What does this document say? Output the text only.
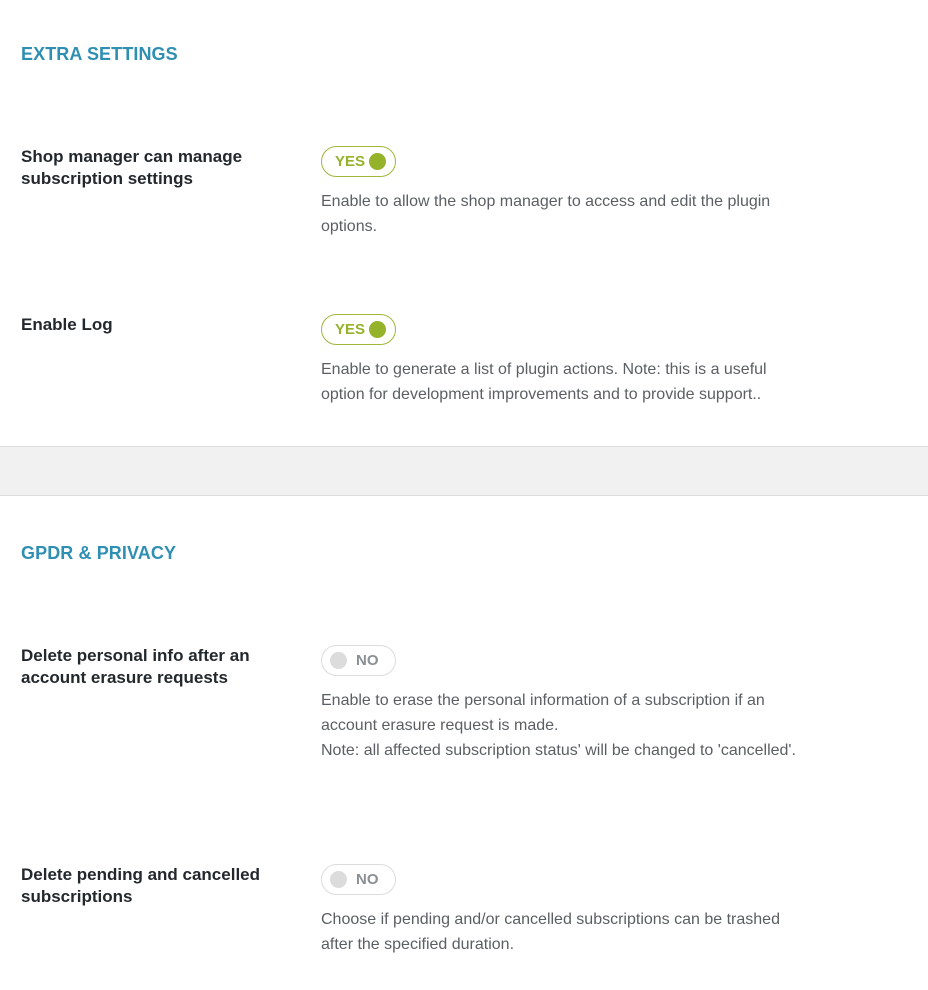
EXTRA SETTINGS
Shop manager can manage subscription settings
YES

Enable to allow the shop manager to access and edit the plugin options.

Enable Log	YES

Enable to generate a list of plugin actions. Note: this is a useful option for development improvements and to provide support..

GPDR & PRIVACY
Delete personal info after an account erasure requests
NO

Enable to erase the personal information of a subscription if an account erasure request is made.

Note: all affected subscription status' will be changed to 'cancelled'.

Delete pending and cancelled subscriptions
NO

Choose if pending and/or cancelled subscriptions can be trashed after the specified duration.
